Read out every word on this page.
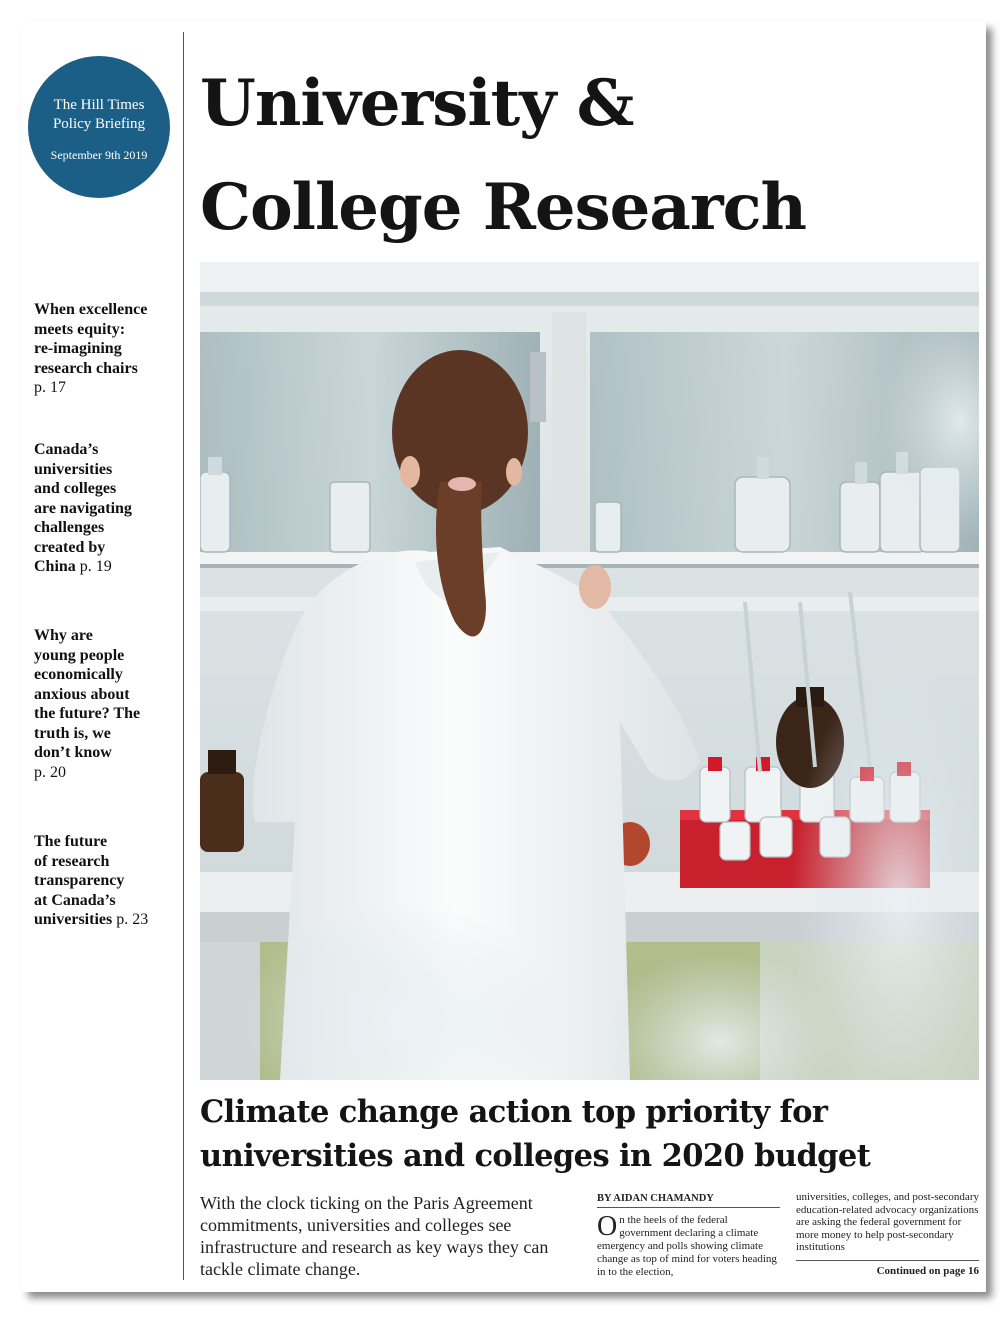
The Hill Times
Policy Briefing
September 9th 2019
When excellence
meets equity:
re-imagining
research chairs
p. 17
Canada’s
universities
and colleges
are navigating
challenges
created by
China p. 19
Why are
young people
economically
anxious about
the future? The
truth is, we
don’t know
p. 20
The future
of research
transparency
at Canada’s
universities p. 23
University &
College Research
Climate change action top priority for
universities and colleges in 2020 budget
With the clock ticking on the Paris Agreement commitments, universities and colleges see infrastructure and research as key ways they can tackle climate change.
BY AIDAN CHAMANDY
On the heels of the federal government declaring a climate emergency and polls showing climate change as top of mind for voters heading in to the election,
universities, colleges, and post-secondary education-related advocacy organizations are asking the federal government for more money to help post-secondary institutions
Continued on page 16
